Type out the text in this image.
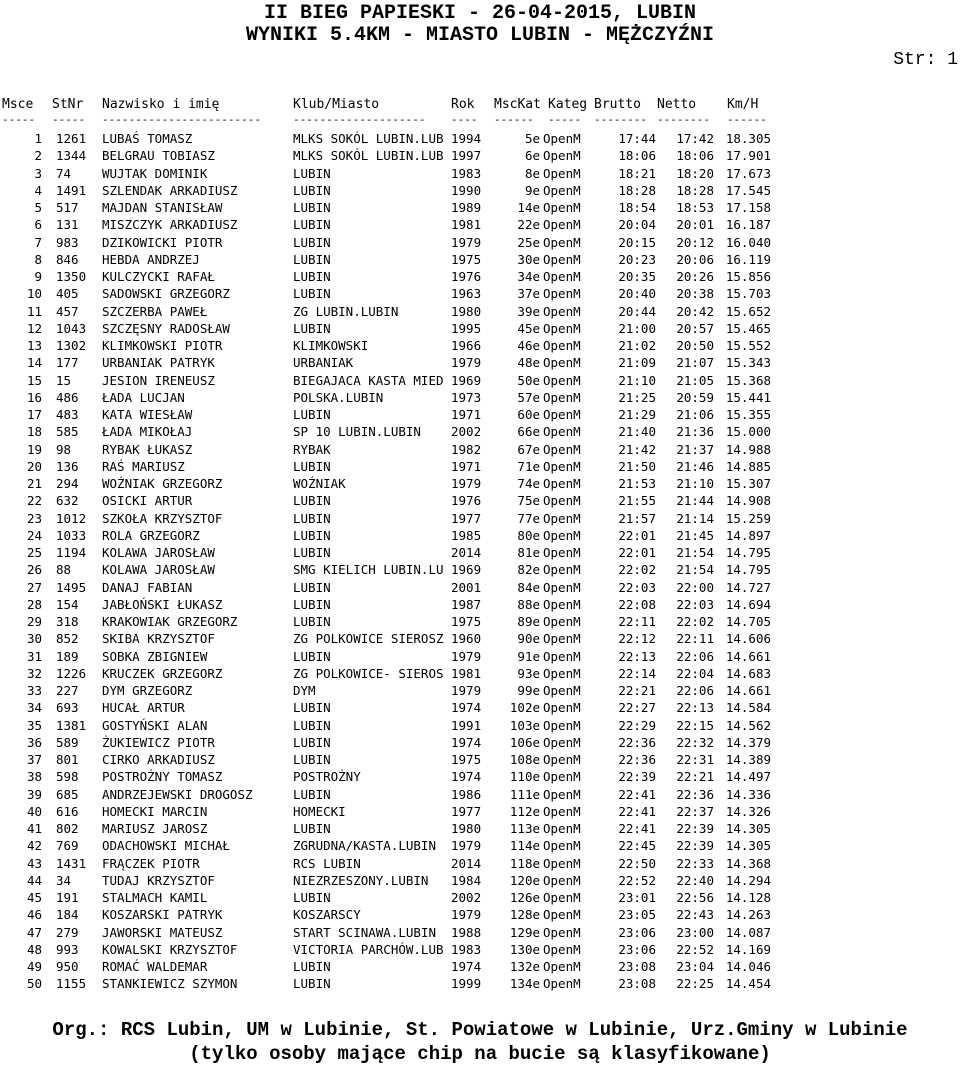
II BIEG PAPIESKI - 26-04-2015, LUBIN
WYNIKI 5.4KM - MIASTO LUBIN - MĘŻCZYŹNI
Str: 1
Msce StNr Nazwisko i imię	Klub/Miasto	Rok MscKat Kateg Brutto Netto Km/H
----- ----- ------------------------	-------------------- ---- ------ ----- -------- -------- ------
1 1261 LUBAŚ TOMASZ	MLKS SOKÓL LUBIN.LUB 1994	5e OpenM	17:44	17:42 18.305
2 1344 BELGRAU TOBIASZ	MLKS SOKÓL LUBIN.LUB 1997	6e OpenM	18:06	18:06 17.901
3 74 WUJTAK DOMINIK	LUBIN	1983	8e OpenM	18:21	18:20 17.673
4 1491 SZLENDAK ARKADIUSZ	LUBIN	1990	9e OpenM	18:28	18:28 17.545
5 517 MAJDAN STANISŁAW	LUBIN	1989	14e OpenM	18:54	18:53 17.158
6 131 MISZCZYK ARKADIUSZ	LUBIN	1981	22e OpenM	20:04	20:01 16.187
7 983 DZIKOWICKI PIOTR	LUBIN	1979	25e OpenM	20:15	20:12 16.040
8 846 HEBDA ANDRZEJ	LUBIN	1975	30e OpenM	20:23	20:06 16.119
9 1350 KULCZYCKI RAFAŁ	LUBIN	1976	34e OpenM	20:35	20:26 15.856
10 405 SADOWSKI GRZEGORZ	LUBIN	1963	37e OpenM	20:40	20:38 15.703
11 457 SZCZERBA PAWEŁ	ZG LUBIN.LUBIN	1980	39e OpenM	20:44	20:42 15.652
12 1043 SZCZĘSNY RADOSŁAW	LUBIN	1995	45e OpenM	21:00	20:57 15.465
13 1302 KLIMKOWSKI PIOTR	KLIMKOWSKI	1966	46e OpenM	21:02	20:50 15.552
14 177 URBANIAK PATRYK	URBANIAK	1979	48e OpenM	21:09	21:07 15.343
15 15 JESION IRENEUSZ	BIEGAJACA KASTA MIED 1969	50e OpenM	21:10	21:05 15.368
16 486 ŁADA LUCJAN	POLSKA.LUBIN	1973	57e OpenM	21:25	20:59 15.441
17 483 KATA WIESŁAW	LUBIN	1971	60e OpenM	21:29	21:06 15.355
18 585 ŁADA MIKOŁAJ	SP 10 LUBIN.LUBIN 2002	66e OpenM	21:40	21:36 15.000
19 98 RYBAK ŁUKASZ	RYBAK	1982	67e OpenM	21:42	21:37 14.988
20 136 RAŚ MARIUSZ	LUBIN	1971	71e OpenM	21:50	21:46 14.885
21 294 WOŹNIAK GRZEGORZ	WOŹNIAK	1979	74e OpenM	21:53	21:10 15.307
22 632 OSICKI ARTUR	LUBIN	1976	75e OpenM	21:55	21:44 14.908
23 1012 SZKOŁA KRZYSZTOF	LUBIN	1977	77e OpenM	21:57	21:14 15.259
24 1033 ROLA GRZEGORZ	LUBIN	1985	80e OpenM	22:01	21:45 14.897
25 1194 KOLAWA JAROSŁAW	LUBIN	2014	81e OpenM	22:01	21:54 14.795
26 88 KOLAWA JAROSŁAW	SMG KIELICH LUBIN.LU 1969	82e OpenM	22:02	21:54 14.795
27 1495 DANAJ FABIAN	LUBIN	2001	84e OpenM	22:03	22:00 14.727
28 154 JABŁOŃSKI ŁUKASZ	LUBIN	1987	88e OpenM	22:08	22:03 14.694
29 318 KRAKOWIAK GRZEGORZ	LUBIN	1975	89e OpenM	22:11	22:02 14.705
30 852 SKIBA KRZYSZTOF	ZG POLKOWICE SIEROSZ 1960	90e OpenM	22:12	22:11 14.606
31 189 SOBKA ZBIGNIEW	LUBIN	1979	91e OpenM	22:13	22:06 14.661
32 1226 KRUCZEK GRZEGORZ	ZG POLKOWICE- SIEROS 1981	93e OpenM	22:14	22:04 14.683
33 227 DYM GRZEGORZ	DYM	1979	99e OpenM	22:21	22:06 14.661
34 693 HUCAŁ ARTUR	LUBIN	1974	102e OpenM	22:27	22:13 14.584
35 1381 GOSTYŃSKI ALAN	LUBIN	1991	103e OpenM	22:29	22:15 14.562
36 589 ŻUKIEWICZ PIOTR	LUBIN	1974	106e OpenM	22:36	22:32 14.379
37 801 CIRKO ARKADIUSZ	LUBIN	1975	108e OpenM	22:36	22:31 14.389
38 598 POSTROŻNY TOMASZ	POSTROŻNY	1974	110e OpenM	22:39	22:21 14.497
39 685 ANDRZEJEWSKI DROGOSZ	LUBIN	1986	111e OpenM	22:41	22:36 14.336
40 616 HOMECKI MARCIN	HOMECKI	1977	112e OpenM	22:41	22:37 14.326
41 802 MARIUSZ JAROSZ	LUBIN	1980	113e OpenM	22:41	22:39 14.305
42 769 ODACHOWSKI MICHAŁ	ZGRUDNA/KASTA.LUBIN 1979	114e OpenM	22:45	22:39 14.305
43 1431 FRĄCZEK PIOTR	RCS LUBIN	2014	118e OpenM	22:50	22:33 14.368
44 34 TUDAJ KRZYSZTOF	NIEZRZESZONY.LUBIN 1984	120e OpenM	22:52	22:40 14.294
45 191 STALMACH KAMIL	LUBIN	2002	126e OpenM	23:01	22:56 14.128
46 184 KOSZARSKI PATRYK	KOSZARSCY	1979	128e OpenM	23:05	22:43 14.263
47 279 JAWORSKI MATEUSZ	START SCINAWA.LUBIN 1988	129e OpenM	23:06	23:00 14.087
48 993 KOWALSKI KRZYSZTOF	VICTORIA PARCHÓW.LUB 1983	130e OpenM	23:06	22:52 14.169
49 950 ROMAĆ WALDEMAR	LUBIN	1974	132e OpenM	23:08	23:04 14.046
50 1155 STANKIEWICZ SZYMON	LUBIN	1999	134e OpenM	23:08	22:25 14.454
Org.: RCS Lubin, UM w Lubinie, St. Powiatowe w Lubinie, Urz.Gminy w Lubinie
(tylko osoby mające chip na bucie są klasyfikowane)
